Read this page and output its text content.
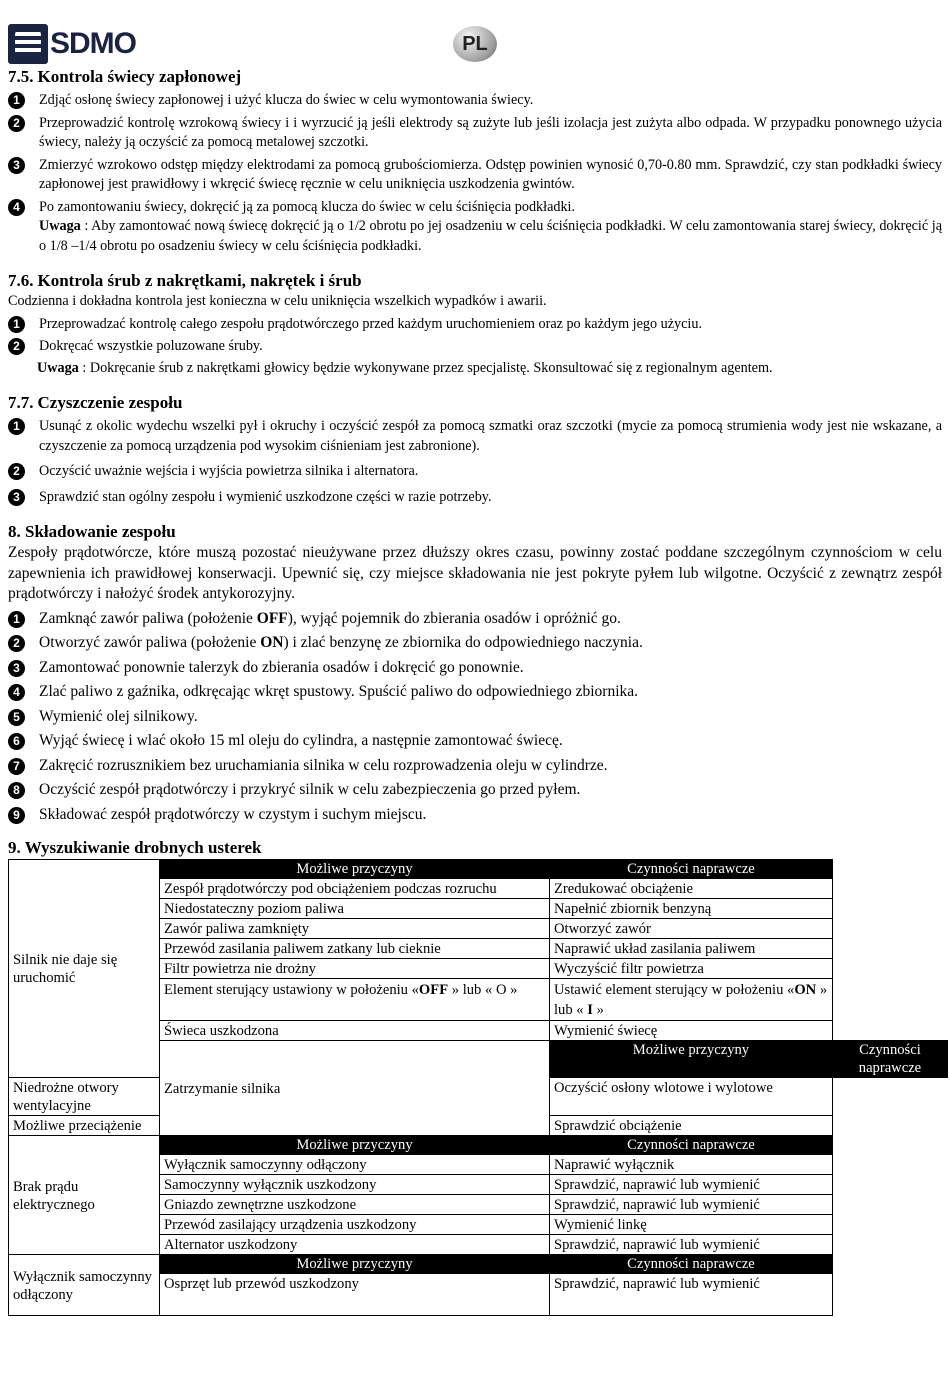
SDMO	PL
7.5. Kontrola świecy zapłonowej
1	Zdjąć osłonę świecy zapłonowej i użyć klucza do świec w celu wymontowania świecy.
2	Przeprowadzić kontrolę wzrokową świecy i i wyrzucić ją jeśli elektrody są zużyte lub jeśli izolacja jest zużyta albo odpada. W przypadku ponownego użycia świecy, należy ją oczyścić za pomocą metalowej szczotki.
3	Zmierzyć wzrokowo odstęp między elektrodami za pomocą grubościomierza. Odstęp powinien wynosić 0,70-0.80 mm. Sprawdzić, czy stan podkładki świecy zapłonowej jest prawidłowy i wkręcić świecę ręcznie w celu uniknięcia uszkodzenia gwintów.
4	Po zamontowaniu świecy, dokręcić ją za pomocą klucza do świec w celu ściśnięcia podkładki.

Uwaga : Aby zamontować nową świecę dokręcić ją o 1/2 obrotu po jej osadzeniu w celu ściśnięcia podkładki. W celu zamontowania starej świecy, dokręcić ją o 1/8 –1/4 obrotu po osadzeniu świecy w celu ściśnięcia podkładki.

7.6. Kontrola śrub z nakrętkami, nakrętek i śrub

Codzienna i dokładna kontrola jest konieczna w celu uniknięcia wszelkich wypadków i awarii.

1	Przeprowadzać kontrolę całego zespołu prądotwórczego przed każdym uruchomieniem oraz po każdym jego użyciu.
2	Dokręcać wszystkie poluzowane śruby.

Uwaga : Dokręcanie śrub z nakrętkami głowicy będzie wykonywane przez specjalistę. Skonsultować się z regionalnym agentem.

7.7. Czyszczenie zespołu
1	Usunąć z okolic wydechu wszelki pył i okruchy i oczyścić zespół za pomocą szmatki oraz szczotki (mycie za pomocą strumienia wody jest nie wskazane, a czyszczenie za pomocą urządzenia pod wysokim ciśnieniam jest zabronione).
2	Oczyścić uważnie wejścia i wyjścia powietrza silnika i alternatora.
3	Sprawdzić stan ogólny zespołu i wymienić uszkodzone części w razie potrzeby.
8. Składowanie zespołu

Zespoły prądotwórcze, które muszą pozostać nieużywane przez dłuższy okres czasu, powinny zostać poddane szczególnym czynnościom w celu zapewnienia ich prawidłowej konserwacji. Upewnić się, czy miejsce składowania nie jest pokryte pyłem lub wilgotne. Oczyścić z zewnątrz zespół prądotwórczy i nałożyć środek antykorozyjny.

1	Zamknąć zawór paliwa (położenie OFF), wyjąć pojemnik do zbierania osadów i opróżnić go.
2	Otworzyć zawór paliwa (położenie ON) i zlać benzynę ze zbiornika do odpowiedniego naczynia.
3	Zamontować ponownie talerzyk do zbierania osadów i dokręcić go ponownie.
4	Zlać paliwo z gaźnika, odkręcając wkręt spustowy. Spuścić paliwo do odpowiedniego zbiornika.
5	Wymienić olej silnikowy.
6	Wyjąć świecę i wlać około 15 ml oleju do cylindra, a następnie zamontować świecę.
7	Zakręcić rozrusznikiem bez uruchamiania silnika w celu rozprowadzenia oleju w cylindrze.
8	Oczyścić zespół prądotwórczy i przykryć silnik w celu zabezpieczenia go przed pyłem.
9	Składować zespół prądotwórczy w czystym i suchym miejscu.
9. Wyszukiwanie drobnych usterek
Silnik nie daje się uruchomić	Możliwe przyczyny	Czynności naprawcze	
	Zespół prądotwórczy pod obciążeniem podczas rozruchu	Zredukować obciążenie	
	Niedostateczny poziom paliwa	Napełnić zbiornik benzyną	
	Zawór paliwa zamknięty	Otworzyć zawór	
	Przewód zasilania paliwem zatkany lub cieknie	Naprawić układ zasilania paliwem	
	Filtr powietrza nie drożny	Wyczyścić filtr powietrza	
	Element sterujący ustawiony w położeniu «OFF » lub « O »	Ustawić element sterujący w położeniu «ON » lub « I »	
	Świeca uszkodzona	Wymienić świecę	
	Zatrzymanie silnika	Możliwe przyczyny	Czynności naprawcze
Niedrożne otwory wentylacyjne		Oczyścić osłony wlotowe i wylotowe	
Możliwe przeciążenie		Sprawdzić obciążenie	
Brak prądu elektrycznego	Możliwe przyczyny	Czynności naprawcze	
	Wyłącznik samoczynny odłączony	Naprawić wyłącznik	
	Samoczynny wyłącznik uszkodzony	Sprawdzić, naprawić lub wymienić	
	Gniazdo zewnętrzne uszkodzone	Sprawdzić, naprawić lub wymienić	
	Przewód zasilający urządzenia uszkodzony	Wymienić linkę	
	Alternator uszkodzony	Sprawdzić, naprawić lub wymienić	
Wyłącznik samoczynny odłączony	Możliwe przyczyny	Czynności naprawcze	
	Osprzęt lub przewód uszkodzony	Sprawdzić, naprawić lub wymienić	
